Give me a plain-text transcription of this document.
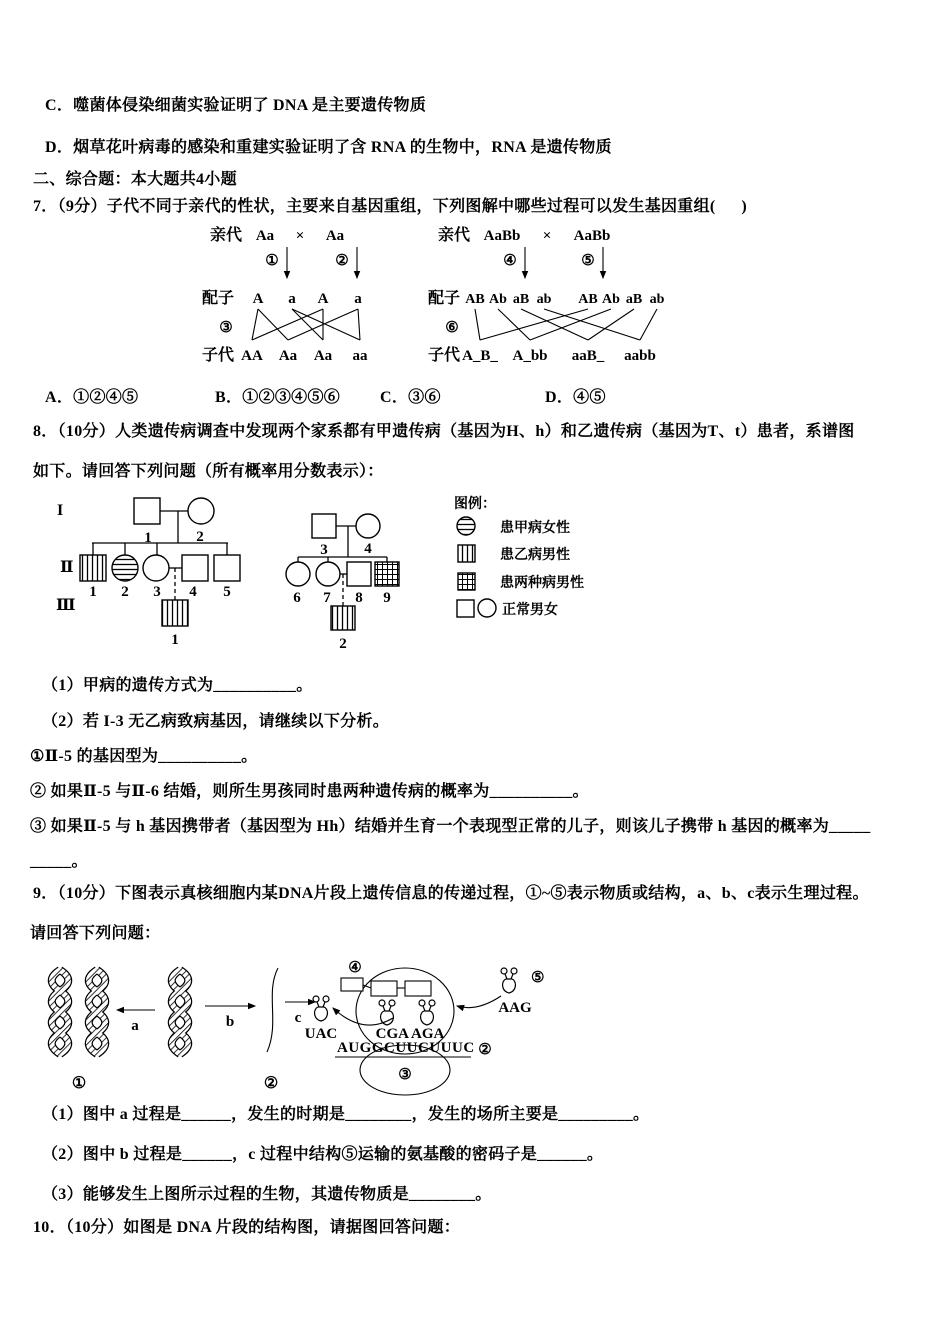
C．噬菌体侵染细菌实验证明了 DNA 是主要遗传物质
D．烟草花叶病毒的感染和重建实验证明了含 RNA 的生物中，RNA 是遗传物质
二、综合题：本大题共4小题
7．（9分）子代不同于亲代的性状，主要来自基因重组，下列图解中哪些过程可以发生基因重组(      )
亲代 Aa × Aa
①	②
配子 A a A a
③
子代 AA Aa Aa aa
亲代 AaBb × AaBb
④	⑤
配子 AB Ab aB ab AB Ab aB ab
⑥
子代 A_B_ A_bb aaB_ aabb

A．①②④⑤

	B．①②③④⑤⑥

C．③⑥

	D．④⑤

8．（10分）人类遗传病调查中发现两个家系都有甲遗传病（基因为H、h）和乙遗传病（基因为T、t）患者，系谱图
如下。请回答下列问题（所有概率用分数表示）：
I
Ⅱ
Ⅲ
1	2
1 2 3 4 5
1
3 4
6 7 8 9
2
图例：
患甲病女性
患乙病男性
患两种病男性
正常男女
（1）甲病的遗传方式为__________。
（2）若 I-3 无乙病致病基因，请继续以下分析。
①Ⅱ-5 的基因型为__________。
② 如果Ⅱ-5 与Ⅱ-6 结婚，则所生男孩同时患两种遗传病的概率为__________。
③ 如果Ⅱ-5 与 h 基因携带者（基因型为 Hh）结婚并生育一个表现型正常的儿子，则该儿子携带 h 基因的概率为_____
_____。
9．（10分）下图表示真核细胞内某DNA片段上遗传信息的传递过程，①~⑤表示物质或结构，a、b、c表示生理过程。
请回答下列问题：
①
a	b
②
c
UAC
④
CGA AGA
AUGGCUUCUUUC ②
③
⑤
AAG
（1）图中 a 过程是______，发生的时期是________，发生的场所主要是_________。
（2）图中 b 过程是______，c 过程中结构⑤运输的氨基酸的密码子是______。
（3）能够发生上图所示过程的生物，其遗传物质是________。
10．（10分）如图是 DNA 片段的结构图，请据图回答问题：
